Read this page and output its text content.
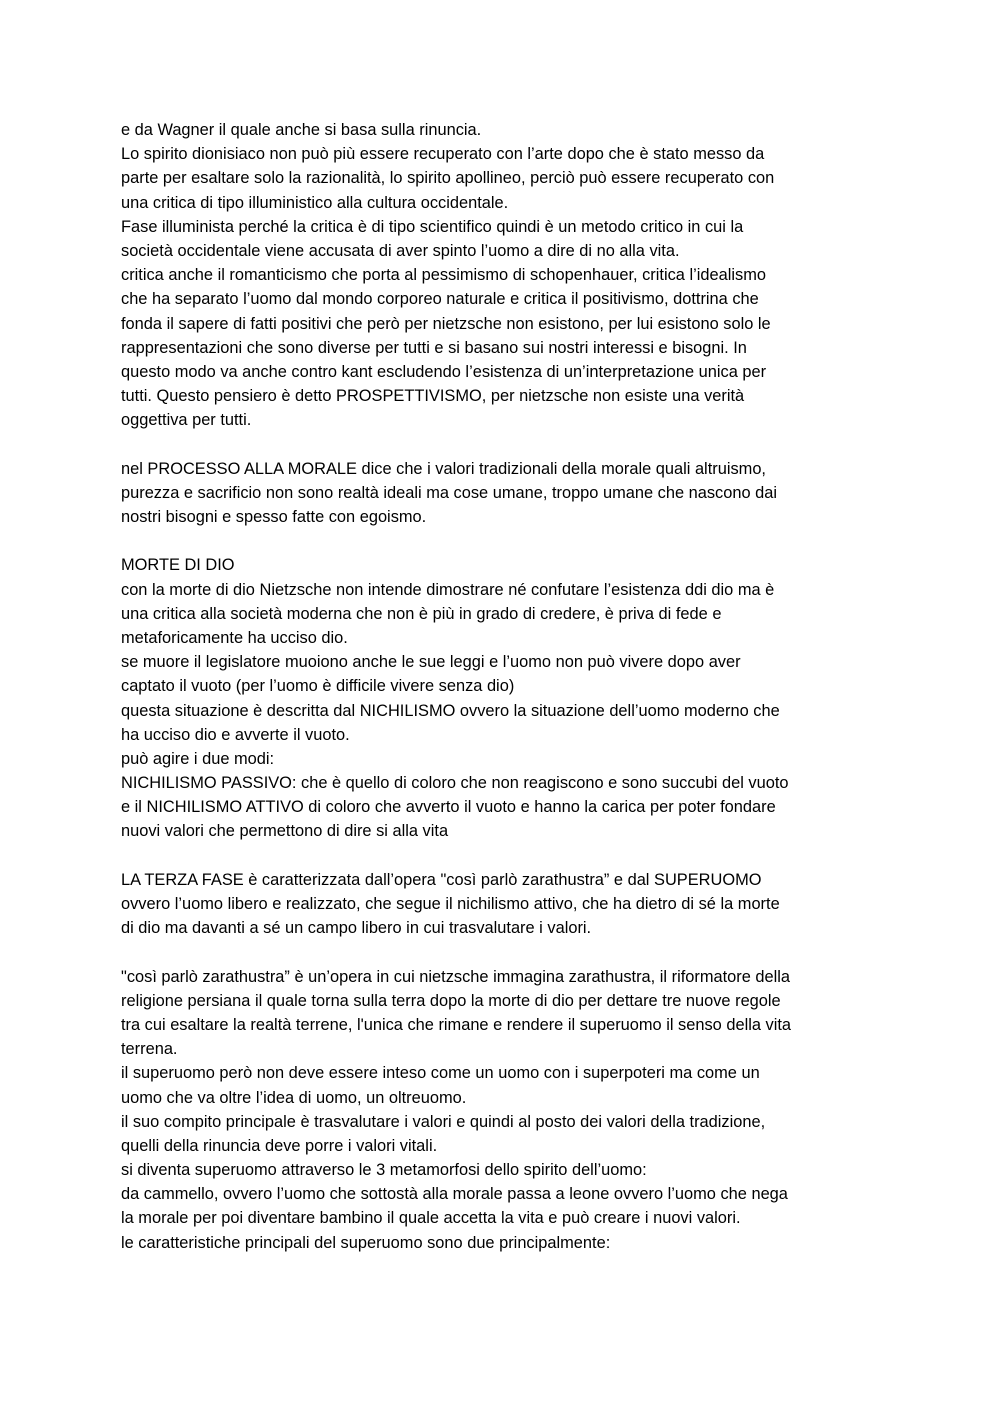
e da Wagner il quale anche si basa sulla rinuncia.
Lo spirito dionisiaco non può più essere recuperato con l’arte dopo che è stato messo da
parte per esaltare solo la razionalità, lo spirito apollineo, perciò può essere recuperato con
una critica di tipo illuministico alla cultura occidentale.
Fase illuminista perché la critica è di tipo scientifico quindi è un metodo critico in cui la
società occidentale viene accusata di aver spinto l’uomo a dire di no alla vita.
critica anche il romanticismo che porta al pessimismo di schopenhauer, critica l’idealismo
che ha separato l’uomo dal mondo corporeo naturale e critica il positivismo, dottrina che
fonda il sapere di fatti positivi che però per nietzsche non esistono, per lui esistono solo le
rappresentazioni che sono diverse per tutti e si basano sui nostri interessi e bisogni. In
questo modo va anche contro kant escludendo l’esistenza di un’interpretazione unica per
tutti. Questo pensiero è detto PROSPETTIVISMO, per nietzsche non esiste una verità
oggettiva per tutti.
nel PROCESSO ALLA MORALE dice che i valori tradizionali della morale quali altruismo,
purezza e sacrificio non sono realtà ideali ma cose umane, troppo umane che nascono dai
nostri bisogni e spesso fatte con egoismo.
MORTE DI DIO
con la morte di dio Nietzsche non intende dimostrare né confutare l’esistenza ddi dio ma è
una critica alla società moderna che non è più in grado di credere, è priva di fede e
metaforicamente ha ucciso dio.
se muore il legislatore muoiono anche le sue leggi e l’uomo non può vivere dopo aver
captato il vuoto (per l’uomo è difficile vivere senza dio)
questa situazione è descritta dal NICHILISMO ovvero la situazione dell’uomo moderno che
ha ucciso dio e avverte il vuoto.
può agire i due modi:
NICHILISMO PASSIVO: che è quello di coloro che non reagiscono e sono succubi del vuoto
e il NICHILISMO ATTIVO di coloro che avverto il vuoto e hanno la carica per poter fondare
nuovi valori che permettono di dire si alla vita
LA TERZA FASE è caratterizzata dall’opera "così parlò zarathustra” e dal SUPERUOMO
ovvero l’uomo libero e realizzato, che segue il nichilismo attivo, che ha dietro di sé la morte
di dio ma davanti a sé un campo libero in cui trasvalutare i valori.
"così parlò zarathustra” è un’opera in cui nietzsche immagina zarathustra, il riformatore della
religione persiana il quale torna sulla terra dopo la morte di dio per dettare tre nuove regole
tra cui esaltare la realtà terrene, l'unica che rimane e rendere il superuomo il senso della vita
terrena.
il superuomo però non deve essere inteso come un uomo con i superpoteri ma come un
uomo che va oltre l’idea di uomo, un oltreuomo.
il suo compito principale è trasvalutare i valori e quindi al posto dei valori della tradizione,
quelli della rinuncia deve porre i valori vitali.
si diventa superuomo attraverso le 3 metamorfosi dello spirito dell’uomo:
da cammello, ovvero l’uomo che sottostà alla morale passa a leone ovvero l’uomo che nega
la morale per poi diventare bambino il quale accetta la vita e può creare i nuovi valori.
le caratteristiche principali del superuomo sono due principalmente:
